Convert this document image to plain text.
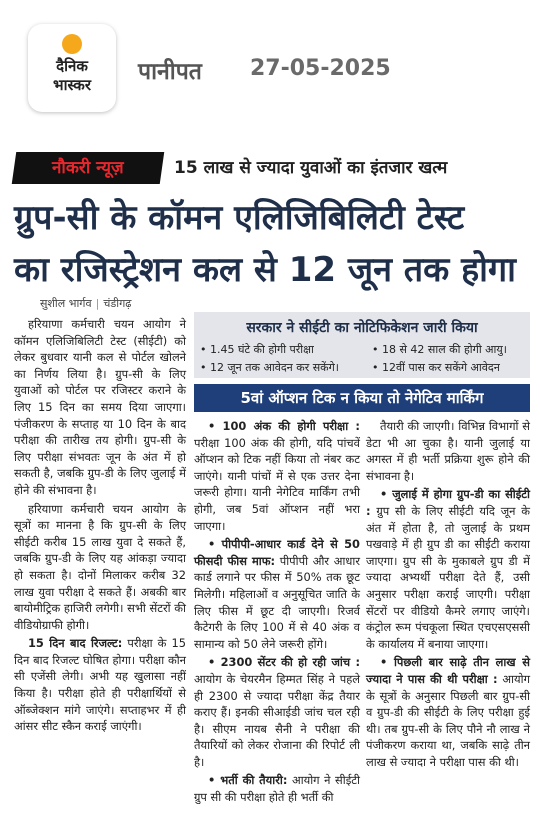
दैनिक
भास्कर	पानीपत 27-05-2025
नौकरी न्यूज़	15 लाख से ज्यादा युवाओं का इंतजार खत्म
ग्रुप-सी के कॉमन एलिजिबिलिटी टेस्ट
का रजिस्ट्रेशन कल से 12 जून तक होगा
सुशील भार्गव | चंडीगढ़

हरियाणा कर्मचारी चयन आयोग ने कॉमन एलिजिबिलिटी टेस्ट (सीईटी) को लेकर बुधवार यानी कल से पोर्टल खोलने का निर्णय लिया है। ग्रुप-सी के लिए युवाओं को पोर्टल पर रजिस्टर कराने के लिए 15 दिन का समय दिया जाएगा। पंजीकरण के सप्ताह या 10 दिन के बाद परीक्षा की तारीख तय होगी। ग्रुप-सी के लिए परीक्षा संभवतः जून के अंत में हो सकती है, जबकि ग्रुप-डी के लिए जुलाई में होने की संभावना है।

हरियाणा कर्मचारी चयन आयोग के सूत्रों का मानना है कि ग्रुप-सी के लिए सीईटी करीब 15 लाख युवा दे सकते हैं, जबकि ग्रुप-डी के लिए यह आंकड़ा ज्यादा हो सकता है। दोनों मिलाकर करीब 32 लाख युवा परीक्षा दे सकते हैं। अबकी बार बायोमीट्रिक हाजिरी लगेगी। सभी सेंटरों की वीडियोग्राफी होगी।

15 दिन बाद रिजल्ट: परीक्षा के 15 दिन बाद रिजल्ट घोषित होगा। परीक्षा कौन सी एजेंसी लेगी। अभी यह खुलासा नहीं किया है। परीक्षा होते ही परीक्षार्थियों से ऑब्जेक्शन मांगे जाएंगे। सप्ताहभर में ही आंसर सीट स्कैन कराई जाएंगी।

सरकार ने सीईटी का नोटिफिकेशन जारी किया
• 1.45 घंटे की होगी परीक्षा
• 12 जून तक आवेदन कर सकेंगे।
• 18 से 42 साल की होगी आयु।
• 12वीं पास कर सकेंगे आवेदन
5वां ऑप्शन टिक न किया तो नेगेटिव मार्किंग

• 100 अंक की होगी परीक्षा : परीक्षा 100 अंक की होगी, यदि पांचवें ऑप्शन को टिक नहीं किया तो नंबर कट जाएंगे। यानी पांचों में से एक उत्तर देना जरूरी होगा। यानी नेगेटिव मार्किंग तभी होगी, जब 5वां ऑप्शन नहीं भरा जाएगा।

• पीपीपी-आधार कार्ड देने से 50 फीसदी फीस माफ: पीपीपी और आधार कार्ड लगाने पर फीस में 50% तक छूट मिलेगी। महिलाओं व अनुसूचित जाति के लिए फीस में छूट दी जाएगी। रिजर्व कैटेगरी के लिए 100 में से 40 अंक व सामान्य को 50 लेने जरूरी होंगे।

• 2300 सेंटर की हो रही जांच : आयोग के चेयरमैन हिम्मत सिंह ने पहले ही 2300 से ज्यादा परीक्षा केंद्र तैयार कराए हैं। इनकी सीआईडी जांच चल रही है। सीएम नायब सैनी ने परीक्षा की तैयारियों को लेकर रोजाना की रिपोर्ट ली है।

• भर्ती की तैयारी: आयोग ने सीईटी ग्रुप सी की परीक्षा होते ही भर्ती की

तैयारी की जाएगी। विभिन्न विभागों से डेटा भी आ चुका है। यानी जुलाई या अगस्त में ही भर्ती प्रक्रिया शुरू होने की संभावना है।

• जुलाई में होगा ग्रुप-डी का सीईटी : ग्रुप सी के लिए सीईटी यदि जून के अंत में होता है, तो जुलाई के प्रथम पखवाड़े में ही ग्रुप डी का सीईटी कराया जाएगा। ग्रुप सी के मुकाबले ग्रुप डी में ज्यादा अभ्यर्थी परीक्षा देते हैं, उसी अनुसार परीक्षा कराई जाएगी। परीक्षा सेंटरों पर वीडियो कैमरे लगाए जाएंगे। कंट्रोल रूम पंचकूला स्थित एचएसएससी के कार्यालय में बनाया जाएगा।

• पिछली बार साढ़े तीन लाख से ज्यादा ने पास की थी परीक्षा : आयोग के सूत्रों के अनुसार पिछली बार ग्रुप-सी व ग्रुप-डी की सीईटी के लिए परीक्षा हुई थी। तब ग्रुप-सी के लिए पौने नौ लाख ने पंजीकरण कराया था, जबकि साढ़े तीन लाख से ज्यादा ने परीक्षा पास की थी।
